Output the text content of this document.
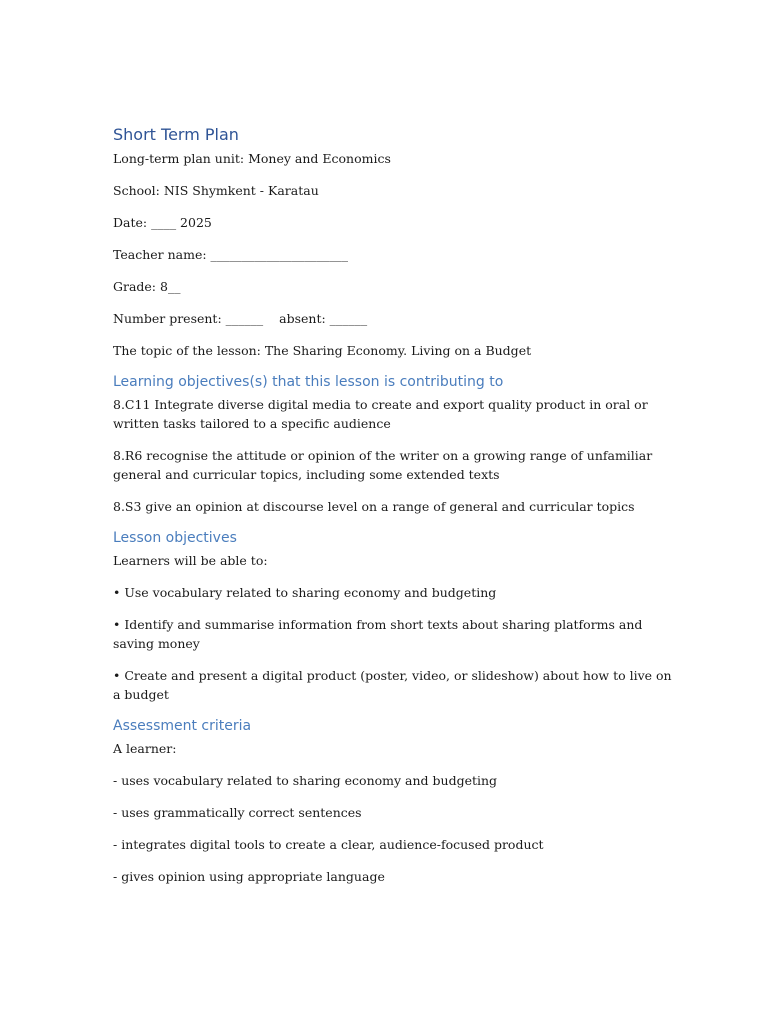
Short Term Plan
Long-term plan unit: Money and Economics
School: NIS Shymkent - Karatau
Date: ____ 2025
Teacher name: ______________________
Grade: 8__
Number present: ______ absent: ______
The topic of the lesson: The Sharing Economy. Living on a Budget
Learning objectives(s) that this lesson is contributing to
8.C11 Integrate diverse digital media to create and export quality product in oral or written tasks tailored to a specific audience
8.R6 recognise the attitude or opinion of the writer on a growing range of unfamiliar general and curricular topics, including some extended texts
8.S3 give an opinion at discourse level on a range of general and curricular topics
Lesson objectives
Learners will be able to:
• Use vocabulary related to sharing economy and budgeting
• Identify and summarise information from short texts about sharing platforms and saving money
• Create and present a digital product (poster, video, or slideshow) about how to live on a budget
Assessment criteria
A learner:
- uses vocabulary related to sharing economy and budgeting
- uses grammatically correct sentences
- integrates digital tools to create a clear, audience-focused product
- gives opinion using appropriate language
